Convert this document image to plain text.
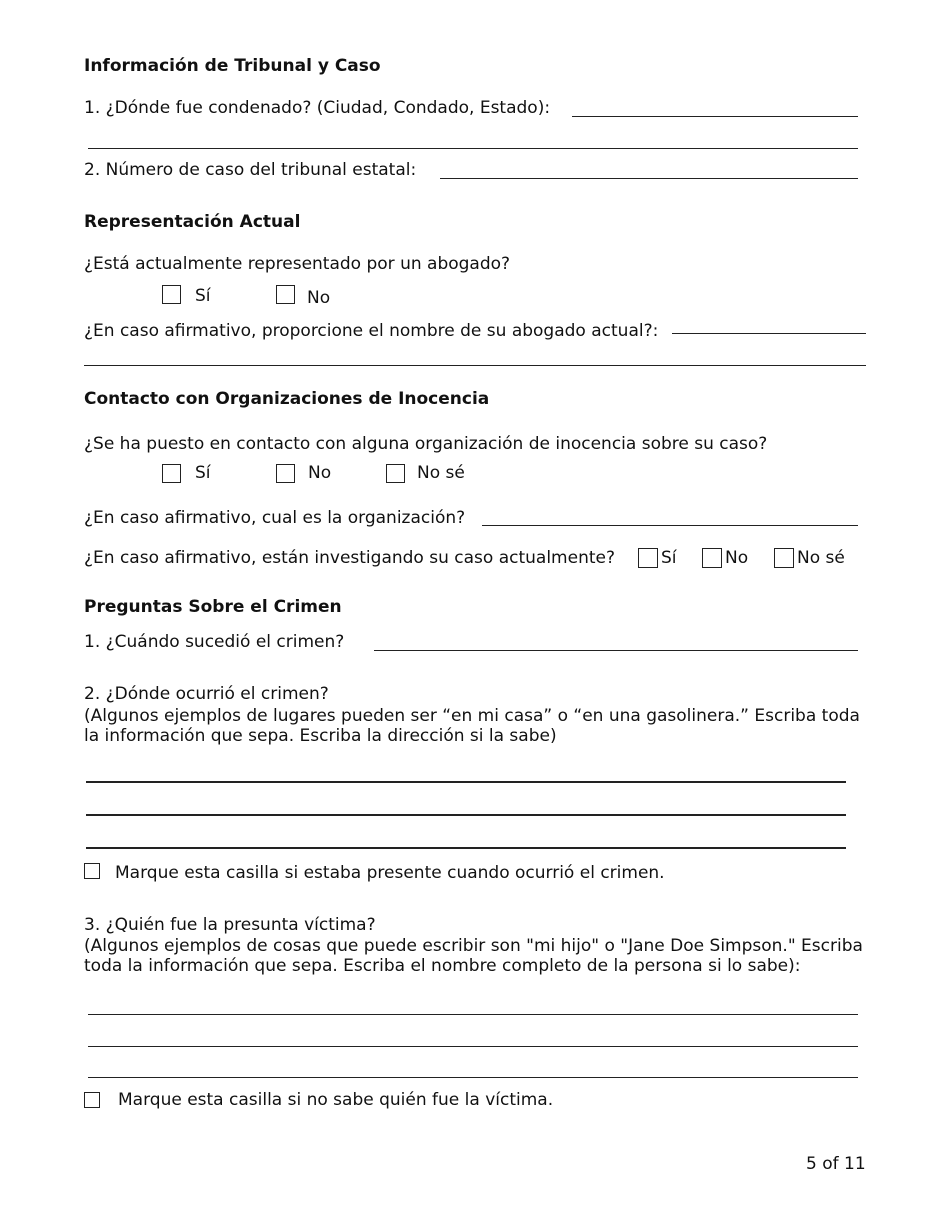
Información de Tribunal y Caso
1. ¿Dónde fue condenado? (Ciudad, Condado, Estado):
2. Número de caso del tribunal estatal:
Representación Actual
¿Está actualmente representado por un abogado?
Sí	No
¿En caso afirmativo, proporcione el nombre de su abogado actual?:
Contacto con Organizaciones de Inocencia
¿Se ha puesto en contacto con alguna organización de inocencia sobre su caso?
Sí	No	No sé
¿En caso afirmativo, cual es la organización?
¿En caso afirmativo, están investigando su caso actualmente?	Sí	No	No sé
Preguntas Sobre el Crimen
1. ¿Cuándo sucedió el crimen?
2. ¿Dónde ocurrió el crimen?
(Algunos ejemplos de lugares pueden ser “en mi casa” o “en una gasolinera.” Escriba toda la información que sepa. Escriba la dirección si la sabe)
Marque esta casilla si estaba presente cuando ocurrió el crimen.
3. ¿Quién fue la presunta víctima?
(Algunos ejemplos de cosas que puede escribir son "mi hijo" o "Jane Doe Simpson." Escriba toda la información que sepa. Escriba el nombre completo de la persona si lo sabe):
Marque esta casilla si no sabe quién fue la víctima.
5 of 11
